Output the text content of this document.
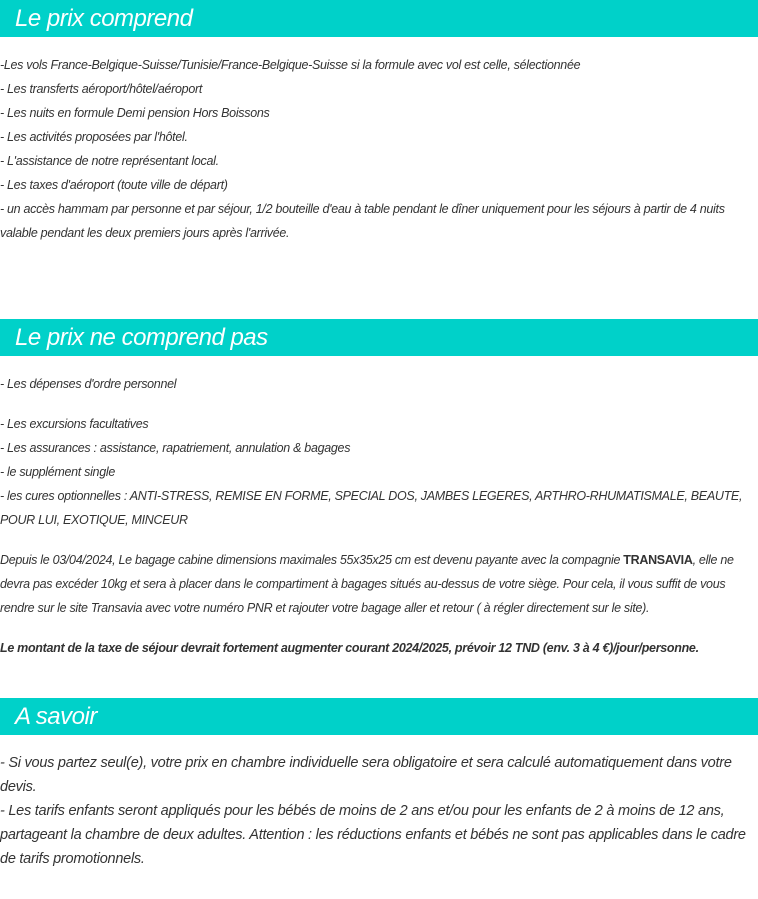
Le prix comprend

-Les vols France-Belgique-Suisse/Tunisie/France-Belgique-Suisse si la formule avec vol est celle, sélectionnée

- Les transferts aéroport/hôtel/aéroport

- Les nuits en formule Demi pension Hors Boissons

- Les activités proposées par l'hôtel.

- L'assistance de notre représentant local.

- Les taxes d'aéroport (toute ville de départ)

- un accès hammam par personne et par séjour, 1/2 bouteille d'eau à table pendant le dîner uniquement pour les séjours à partir de 4 nuits valable pendant les deux premiers jours après l'arrivée.

Le prix ne comprend pas

- Les dépenses d'ordre personnel

- Les excursions facultatives

- Les assurances : assistance, rapatriement, annulation & bagages

- le supplément single

- les cures optionnelles : ANTI-STRESS, REMISE EN FORME, SPECIAL DOS, JAMBES LEGERES, ARTHRO-RHUMATISMALE, BEAUTE, POUR LUI, EXOTIQUE, MINCEUR

Depuis le 03/04/2024, Le bagage cabine dimensions maximales 55x35x25 cm est devenu payante avec la compagnie TRANSAVIA, elle ne devra pas excéder 10kg et sera à placer dans le compartiment à bagages situés au-dessus de votre siège. Pour cela, il vous suffit de vous rendre sur le site Transavia avec votre numéro PNR et rajouter votre bagage aller et retour ( à régler directement sur le site).

Le montant de la taxe de séjour devrait fortement augmenter courant 2024/2025, prévoir 12 TND (env. 3 à 4 €)/jour/personne.

A savoir

- Si vous partez seul(e), votre prix en chambre individuelle sera obligatoire et sera calculé automatiquement dans votre devis.

- Les tarifs enfants seront appliqués pour les bébés de moins de 2 ans et/ou pour les enfants de 2 à moins de 12 ans, partageant la chambre de deux adultes. Attention : les réductions enfants et bébés ne sont pas applicables dans le cadre de tarifs promotionnels.
